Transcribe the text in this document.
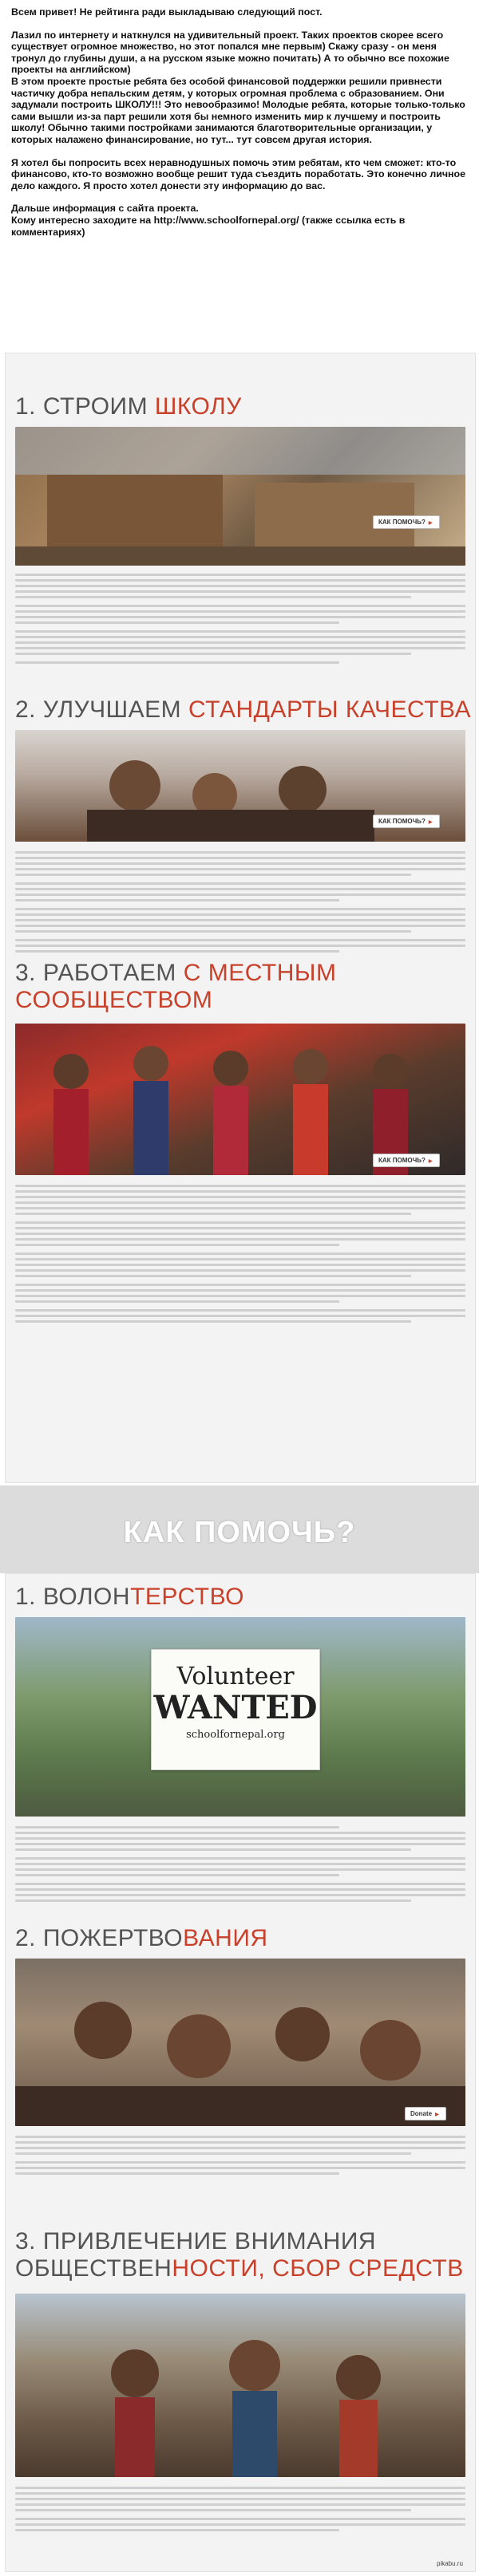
Всем привет! Не рейтинга ради выкладываю следующий пост.

Лазил по интернету и наткнулся на удивительный проект. Таких проектов скорее всего существует огромное множество, но этот попался мне первым) Скажу сразу - он меня тронул до глубины души, а на русском языке можно почитать) А то обычно все похожие проекты на английском)

В этом проекте простые ребята без особой финансовой поддержки решили привнести частичку добра непальским детям, у которых огромная проблема с образованием. Они задумали построить ШКОЛУ!!! Это невообразимо! Молодые ребята, которые только-только сами вышли из-за парт решили хотя бы немного изменить мир к лучшему и построить школу! Обычно такими постройками занимаются благотворительные организации, у которых налажено финансирование, но тут... тут совсем другая история.

Я хотел бы попросить всех неравнодушных помочь этим ребятам, кто чем сможет: кто-то финансово, кто-то возможно вообще решит туда съездить поработать. Это конечно личное дело каждого. Я просто хотел донести эту информацию до вас.

Дальше информация с сайта проекта.

Кому интересно заходите на http://www.schoolfornepal.org/ (также ссылка есть в комментариях)

1. СТРОИМ ШКОЛУ
КАК ПОМОЧЬ? ▶
2. УЛУЧШАЕМ СТАНДАРТЫ КАЧЕСТВА
КАК ПОМОЧЬ? ▶
3. РАБОТАЕМ С МЕСТНЫМ
СООБЩЕСТВОМ
КАК ПОМОЧЬ? ▶
КАК ПОМОЧЬ?
1. ВОЛОНТЕРСТВО
Volunteer
WANTED
schoolfornepal.org
2. ПОЖЕРТВОВАНИЯ
Donate ▶
3. ПРИВЛЕЧЕНИЕ ВНИМАНИЯ
ОБЩЕСТВЕННОСТИ, СБОР СРЕДСТВ
pikabu.ru
